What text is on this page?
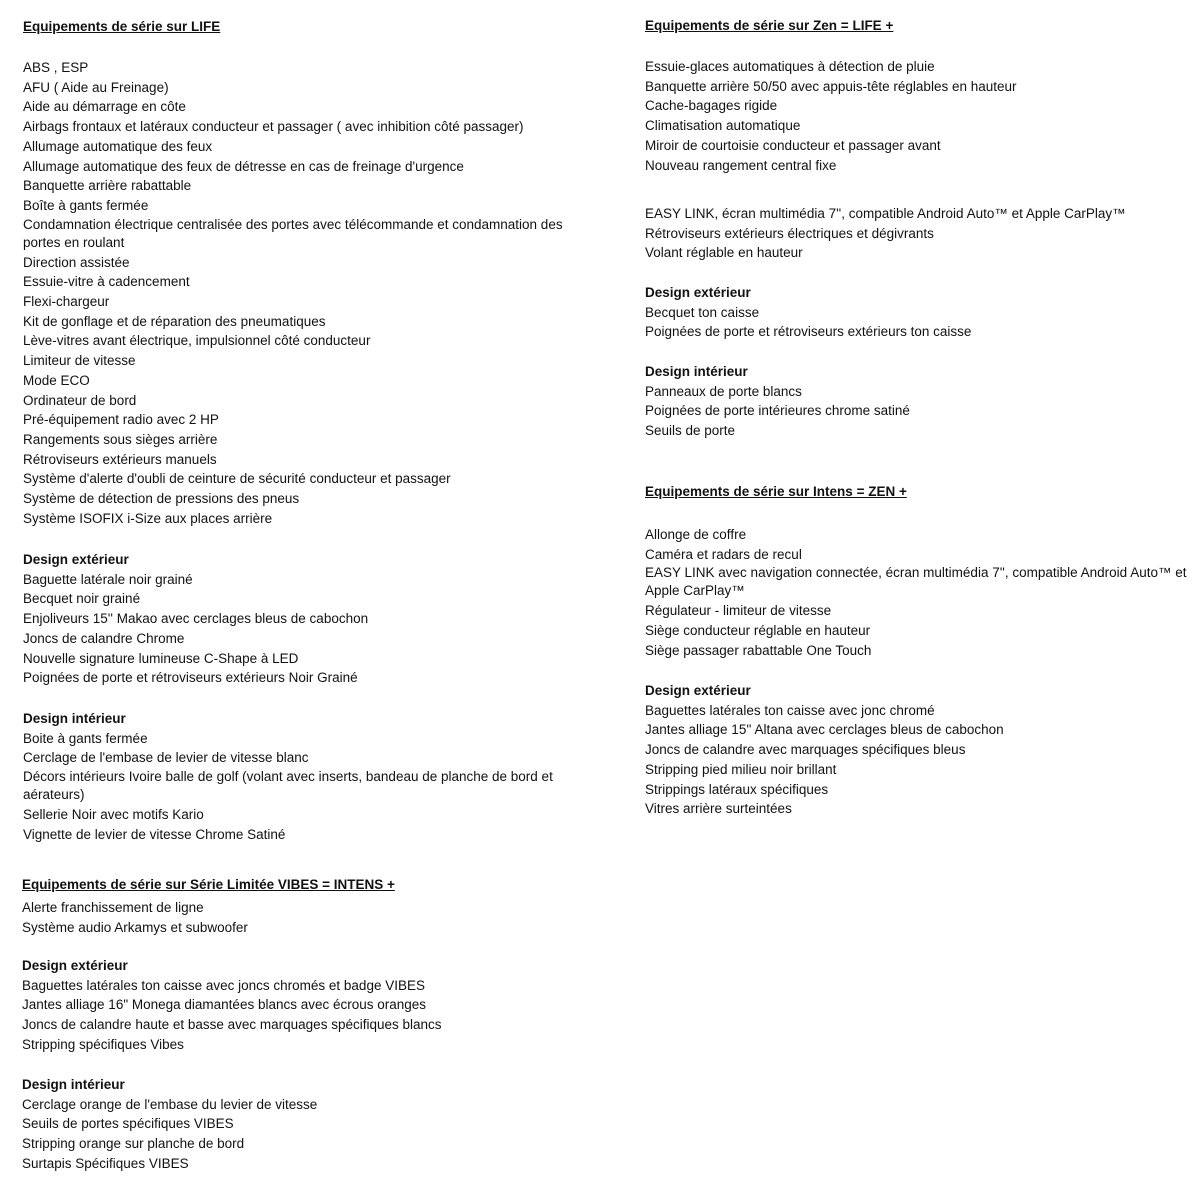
Equipements de série sur LIFE
ABS , ESP
AFU ( Aide au Freinage)
Aide au démarrage en côte
Airbags frontaux et latéraux conducteur et passager ( avec inhibition côté passager)
Allumage automatique des feux
Allumage automatique des feux de détresse en cas de freinage d'urgence
Banquette arrière rabattable
Boîte à gants fermée
Condamnation électrique centralisée des portes avec télécommande et condamnation des portes en roulant
Direction assistée
Essuie-vitre à cadencement
Flexi-chargeur
Kit de gonflage et de réparation des pneumatiques
Lève-vitres avant électrique, impulsionnel côté conducteur
Limiteur de vitesse
Mode ECO
Ordinateur de bord
Pré-équipement radio avec 2 HP
Rangements sous sièges arrière
Rétroviseurs extérieurs manuels
Système d'alerte d'oubli de ceinture de sécurité conducteur et passager
Système de détection de pressions des pneus
Système ISOFIX i-Size aux places arrière
Design extérieur
Baguette latérale noir grainé
Becquet noir grainé
Enjoliveurs 15'' Makao avec cerclages bleus de cabochon
Joncs de calandre Chrome
Nouvelle signature lumineuse C-Shape à LED
Poignées de porte et rétroviseurs extérieurs Noir Grainé
Design intérieur
Boite à gants fermée
Cerclage de l'embase de levier de vitesse blanc
Décors intérieurs Ivoire balle de golf (volant avec inserts, bandeau de planche de bord et aérateurs)
Sellerie Noir avec motifs Kario
Vignette de levier de vitesse Chrome Satiné
Equipements de série sur Série Limitée VIBES = INTENS +
Alerte franchissement de ligne
Système audio Arkamys et subwoofer
Design extérieur
Baguettes latérales ton caisse avec joncs chromés et badge VIBES
Jantes alliage 16" Monega diamantées blancs avec écrous oranges
Joncs de calandre haute et basse avec marquages spécifiques blancs
Stripping spécifiques Vibes
Design intérieur
Cerclage orange de l'embase du levier de vitesse
Seuils de portes spécifiques VIBES
Stripping orange sur planche de bord
Surtapis Spécifiques VIBES
Equipements de série sur Zen = LIFE +
Essuie-glaces automatiques à détection de pluie
Banquette arrière 50/50 avec appuis-tête réglables en hauteur
Cache-bagages rigide
Climatisation automatique
Miroir de courtoisie conducteur et passager avant
Nouveau rangement central fixe
EASY LINK, écran multimédia 7'', compatible Android Auto™ et Apple CarPlay™
Rétroviseurs extérieurs électriques et dégivrants
Volant réglable en hauteur
Design extérieur
Becquet ton caisse
Poignées de porte et rétroviseurs extérieurs ton caisse
Design intérieur
Panneaux de porte blancs
Poignées de porte intérieures chrome satiné
Seuils de porte
Equipements de série sur Intens = ZEN +
Allonge de coffre
Caméra et radars de recul
EASY LINK avec navigation connectée, écran multimédia 7'', compatible Android Auto™ et Apple CarPlay™
Régulateur - limiteur de vitesse
Siège conducteur réglable en hauteur
Siège passager rabattable One Touch
Design extérieur
Baguettes latérales ton caisse avec jonc chromé
Jantes alliage 15'' Altana avec cerclages bleus de cabochon
Joncs de calandre avec marquages spécifiques bleus
Stripping pied milieu noir brillant
Strippings latéraux spécifiques
Vitres arrière surteintées
